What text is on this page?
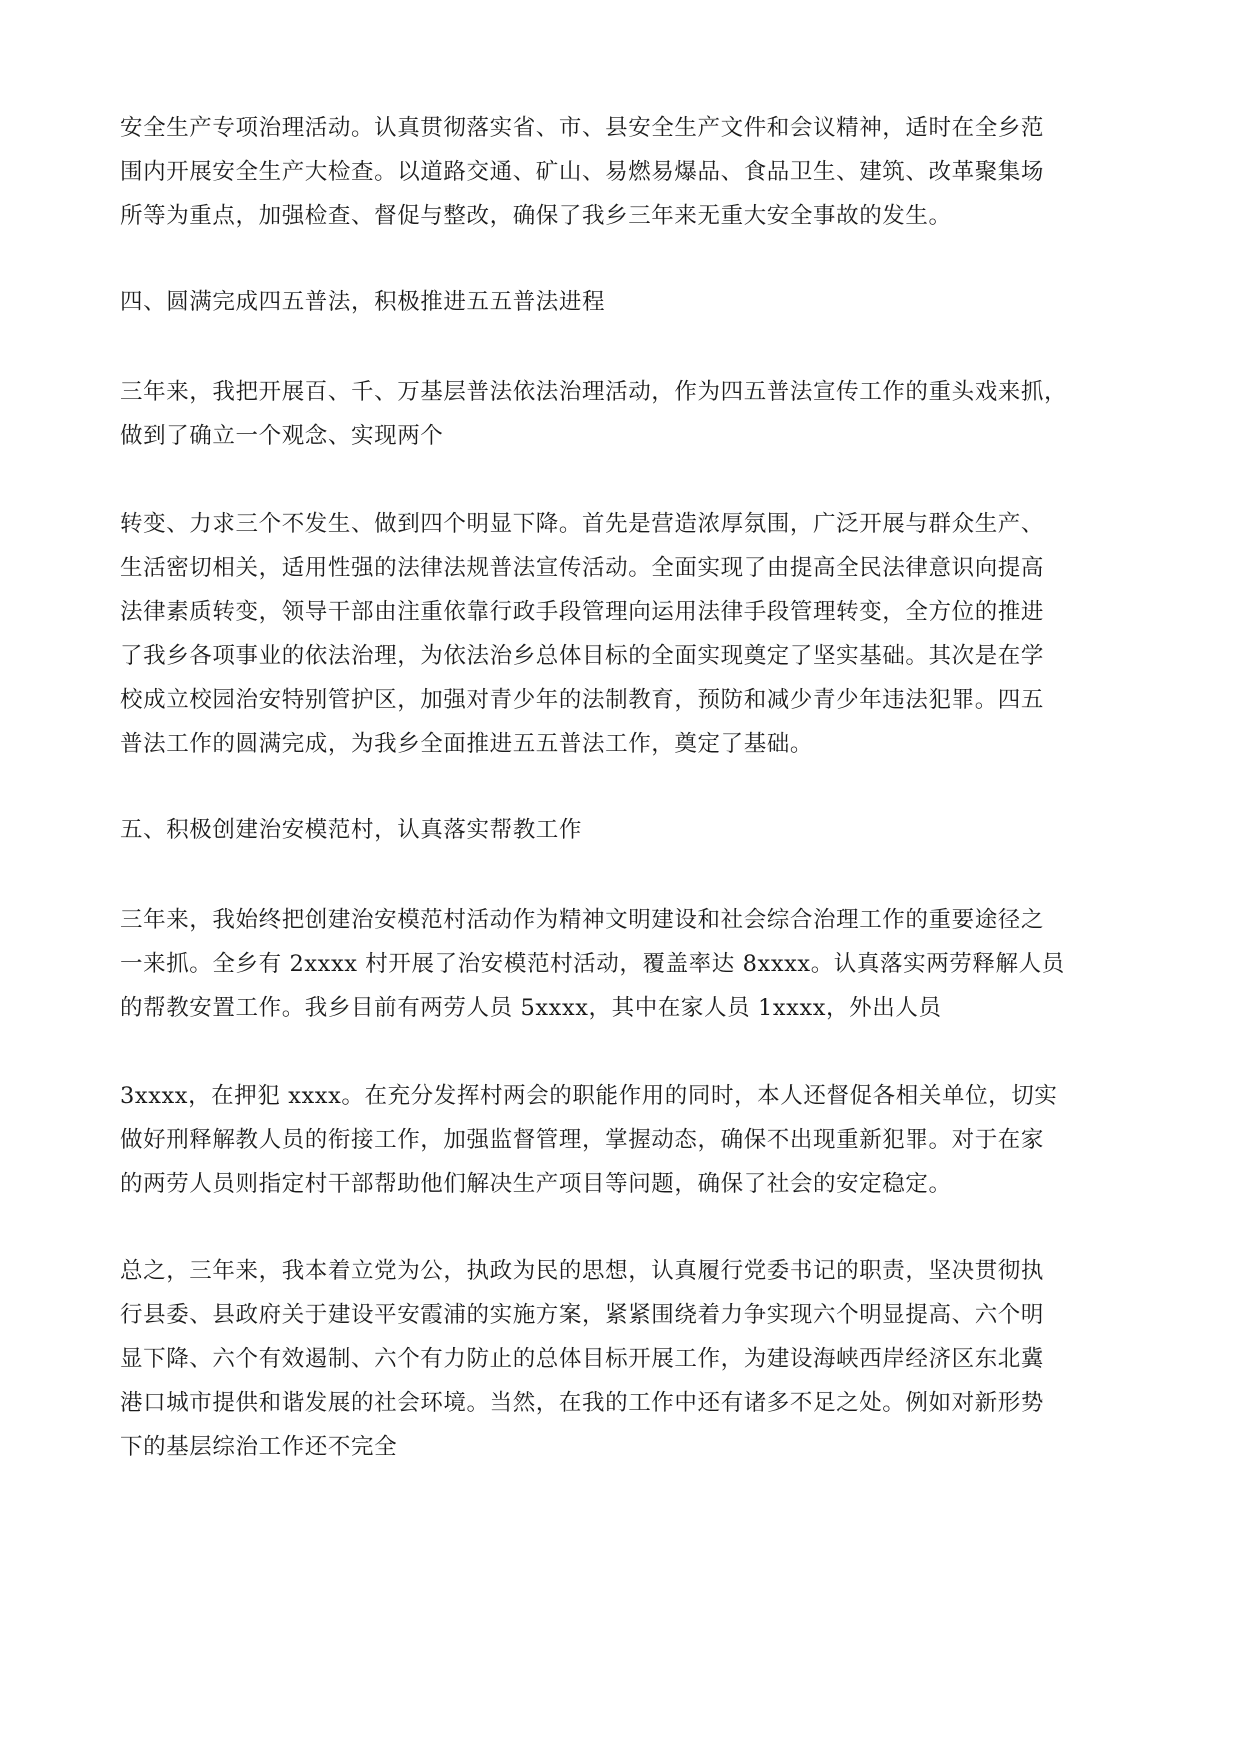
安全生产专项治理活动。认真贯彻落实省、市、县安全生产文件和会议精神，适时在全乡范
围内开展安全生产大检查。以道路交通、矿山、易燃易爆品、食品卫生、建筑、改革聚集场
所等为重点，加强检查、督促与整改，确保了我乡三年来无重大安全事故的发生。

四、圆满完成四五普法，积极推进五五普法进程

三年来，我把开展百、千、万基层普法依法治理活动，作为四五普法宣传工作的重头戏来抓，
做到了确立一个观念、实现两个

转变、力求三个不发生、做到四个明显下降。首先是营造浓厚氛围，广泛开展与群众生产、
生活密切相关，适用性强的法律法规普法宣传活动。全面实现了由提高全民法律意识向提高
法律素质转变，领导干部由注重依靠行政手段管理向运用法律手段管理转变，全方位的推进
了我乡各项事业的依法治理，为依法治乡总体目标的全面实现奠定了坚实基础。其次是在学
校成立校园治安特别管护区，加强对青少年的法制教育，预防和减少青少年违法犯罪。四五
普法工作的圆满完成，为我乡全面推进五五普法工作，奠定了基础。

五、积极创建治安模范村，认真落实帮教工作

三年来，我始终把创建治安模范村活动作为精神文明建设和社会综合治理工作的重要途径之
一来抓。全乡有 2xxxx 村开展了治安模范村活动，覆盖率达 8xxxx。认真落实两劳释解人员
的帮教安置工作。我乡目前有两劳人员 5xxxx，其中在家人员 1xxxx，外出人员

3xxxx，在押犯 xxxx。在充分发挥村两会的职能作用的同时，本人还督促各相关单位，切实
做好刑释解教人员的衔接工作，加强监督管理，掌握动态，确保不出现重新犯罪。对于在家
的两劳人员则指定村干部帮助他们解决生产项目等问题，确保了社会的安定稳定。

总之，三年来，我本着立党为公，执政为民的思想，认真履行党委书记的职责，坚决贯彻执
行县委、县政府关于建设平安霞浦的实施方案，紧紧围绕着力争实现六个明显提高、六个明
显下降、六个有效遏制、六个有力防止的总体目标开展工作，为建设海峡西岸经济区东北冀
港口城市提供和谐发展的社会环境。当然，在我的工作中还有诸多不足之处。例如对新形势
下的基层综治工作还不完全
